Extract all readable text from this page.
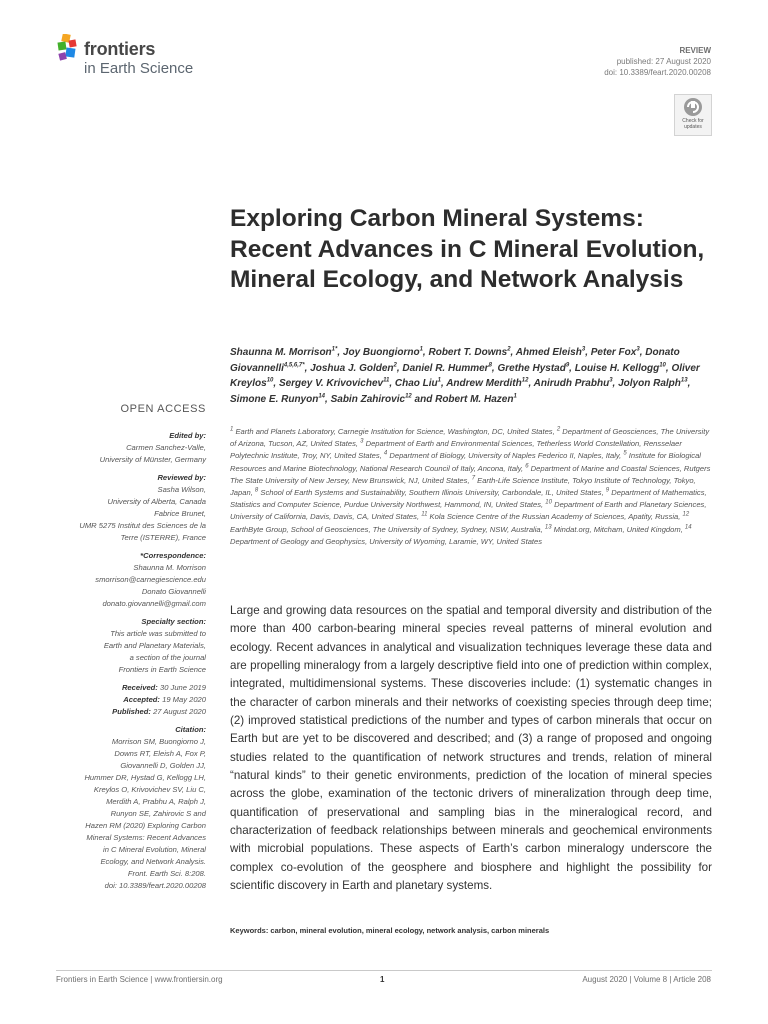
frontiers
in Earth Science
REVIEW
published: 27 August 2020
doi: 10.3389/feart.2020.00208
Check for updates
Exploring Carbon Mineral Systems: Recent Advances in C Mineral Evolution, Mineral Ecology, and Network Analysis
Shaunna M. Morrison$^{1*}$, Joy Buongiorno$^1$, Robert T. Downs$^2$, Ahmed Eleish$^3$, Peter Fox$^3$, Donato Giovannelli$^{4,5,6,7*}$, Joshua J. Golden$^2$, Daniel R. Hummer$^8$, Grethe Hystad$^9$, Louise H. Kellogg$^{10}$, Oliver Kreylos$^{10}$, Sergey V. Krivovichev$^{11}$, Chao Liu$^1$, Andrew Merdith$^{12}$, Anirudh Prabhu$^3$, Jolyon Ralph$^{13}$, Simone E. Runyon$^{14}$, Sabin Zahirovic$^{12}$ and Robert M. Hazen$^1$
$^1$ Earth and Planets Laboratory, Carnegie Institution for Science, Washington, DC, United States, $^2$ Department of Geosciences, The University of Arizona, Tucson, AZ, United States, $^3$ Department of Earth and Environmental Sciences, Tetherless World Constellation, Rensselaer Polytechnic Institute, Troy, NY, United States, $^4$ Department of Biology, University of Naples Federico II, Naples, Italy, $^5$ Institute for Biological Resources and Marine Biotechnology, National Research Council of Italy, Ancona, Italy, $^6$ Department of Marine and Coastal Sciences, Rutgers The State University of New Jersey, New Brunswick, NJ, United States, $^7$ Earth-Life Science Institute, Tokyo Institute of Technology, Tokyo, Japan, $^8$ School of Earth Systems and Sustainability, Southern Illinois University, Carbondale, IL, United States, $^9$ Department of Mathematics, Statistics and Computer Science, Purdue University Northwest, Hammond, IN, United States, $^{10}$ Department of Earth and Planetary Sciences, University of California, Davis, Davis, CA, United States, $^{11}$ Kola Science Centre of the Russian Academy of Sciences, Apatity, Russia, $^{12}$ EarthByte Group, School of Geosciences, The University of Sydney, Sydney, NSW, Australia, $^{13}$ Mindat.org, Mitcham, United Kingdom, $^{14}$ Department of Geology and Geophysics, University of Wyoming, Laramie, WY, United States
OPEN ACCESS
Edited by:
Carmen Sanchez-Valle,
University of Münster, Germany
Reviewed by:
Sasha Wilson,
University of Alberta, Canada
Fabrice Brunet,
UMR 5275 Institut des Sciences de la
Terre (ISTERRE), France
*Correspondence:
Shaunna M. Morrison
smorrison@carnegiescience.edu
Donato Giovannelli
donato.giovannelli@gmail.com
Specialty section:
This article was submitted to
Earth and Planetary Materials,
a section of the journal
Frontiers in Earth Science
Received: 30 June 2019
Accepted: 19 May 2020
Published: 27 August 2020
Citation:
Morrison SM, Buongiorno J,
Downs RT, Eleish A, Fox P,
Giovannelli D, Golden JJ,
Hummer DR, Hystad G, Kellogg LH,
Kreylos O, Krivovichev SV, Liu C,
Merdith A, Prabhu A, Ralph J,
Runyon SE, Zahirovic S and
Hazen RM (2020) Exploring Carbon
Mineral Systems: Recent Advances
in C Mineral Evolution, Mineral
Ecology, and Network Analysis.
Front. Earth Sci. 8:208.
doi: 10.3389/feart.2020.00208
Large and growing data resources on the spatial and temporal diversity and distribution of the more than 400 carbon-bearing mineral species reveal patterns of mineral evolution and ecology. Recent advances in analytical and visualization techniques leverage these data and are propelling mineralogy from a largely descriptive field into one of prediction within complex, integrated, multidimensional systems. These discoveries include: (1) systematic changes in the character of carbon minerals and their networks of coexisting species through deep time; (2) improved statistical predictions of the number and types of carbon minerals that occur on Earth but are yet to be discovered and described; and (3) a range of proposed and ongoing studies related to the quantification of network structures and trends, relation of mineral “natural kinds” to their genetic environments, prediction of the location of mineral species across the globe, examination of the tectonic drivers of mineralization through deep time, quantification of preservational and sampling bias in the mineralogical record, and characterization of feedback relationships between minerals and geochemical environments with microbial populations. These aspects of Earth’s carbon mineralogy underscore the complex co-evolution of the geosphere and biosphere and highlight the possibility for scientific discovery in Earth and planetary systems.
Keywords: carbon, mineral evolution, mineral ecology, network analysis, carbon minerals
Frontiers in Earth Science | www.frontiersin.org	1	August 2020 | Volume 8 | Article 208
